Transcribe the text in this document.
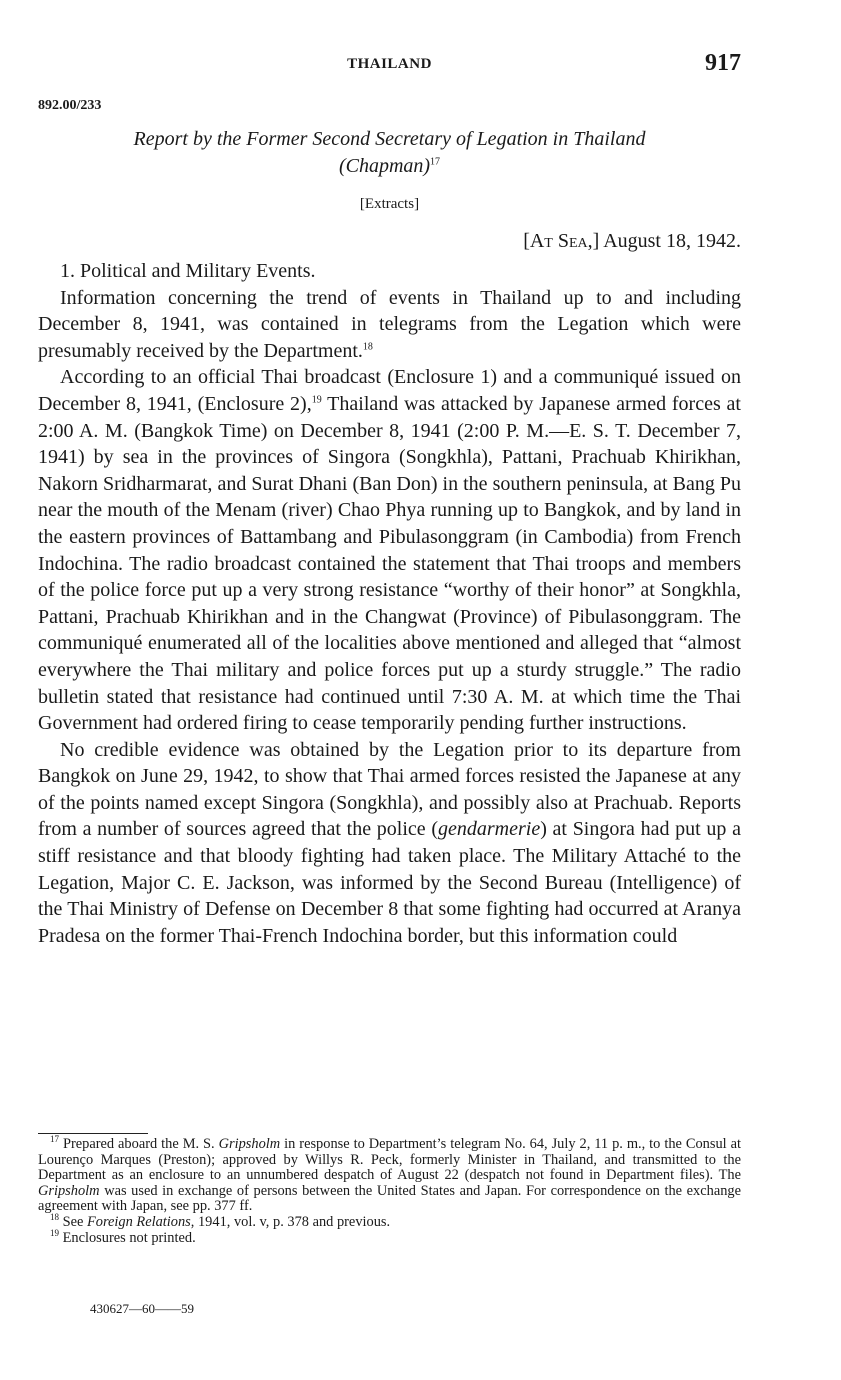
THAILAND	917
892.00/233
Report by the Former Second Secretary of Legation in Thailand
(Chapman)$^{17}$
[Extracts]
[At Sea,] August 18, 1942.

1. Political and Military Events.

Information concerning the trend of events in Thailand up to and including December 8, 1941, was contained in telegrams from the Legation which were presumably received by the Department.$^{18}$

According to an official Thai broadcast (Enclosure 1) and a communiqué issued on December 8, 1941, (Enclosure 2),$^{19}$ Thailand was attacked by Japanese armed forces at 2:00 A. M. (Bangkok Time) on December 8, 1941 (2:00 P. M.—E. S. T. December 7, 1941) by sea in the provinces of Singora (Songkhla), Pattani, Prachuab Khirikhan, Nakorn Sridharmarat, and Surat Dhani (Ban Don) in the southern peninsula, at Bang Pu near the mouth of the Menam (river) Chao Phya running up to Bangkok, and by land in the eastern provinces of Battambang and Pibulasonggram (in Cambodia) from French Indochina. The radio broadcast contained the statement that Thai troops and members of the police force put up a very strong resistance “worthy of their honor” at Songkhla, Pattani, Prachuab Khirikhan and in the Changwat (Province) of Pibulasonggram. The communiqué enumerated all of the localities above mentioned and alleged that “almost everywhere the Thai military and police forces put up a sturdy struggle.” The radio bulletin stated that resistance had continued until 7:30 A. M. at which time the Thai Government had ordered firing to cease temporarily pending further instructions.

No credible evidence was obtained by the Legation prior to its departure from Bangkok on June 29, 1942, to show that Thai armed forces resisted the Japanese at any of the points named except Singora (Songkhla), and possibly also at Prachuab. Reports from a number of sources agreed that the police (gendarmerie) at Singora had put up a stiff resistance and that bloody fighting had taken place. The Military Attaché to the Legation, Major C. E. Jackson, was informed by the Second Bureau (Intelligence) of the Thai Ministry of Defense on December 8 that some fighting had occurred at Aranya Pradesa on the former Thai-French Indochina border, but this information could

$^{17}$ Prepared aboard the M. S. Gripsholm in response to Department’s telegram No. 64, July 2, 11 p. m., to the Consul at Lourenço Marques (Preston); approved by Willys R. Peck, formerly Minister in Thailand, and transmitted to the Department as an enclosure to an unnumbered despatch of August 22 (despatch not found in Department files). The Gripsholm was used in exchange of persons between the United States and Japan. For correspondence on the exchange agreement with Japan, see pp. 377 ff.

$^{18}$ See Foreign Relations, 1941, vol. v, p. 378 and previous.

$^{19}$ Enclosures not printed.

430627—60——59
